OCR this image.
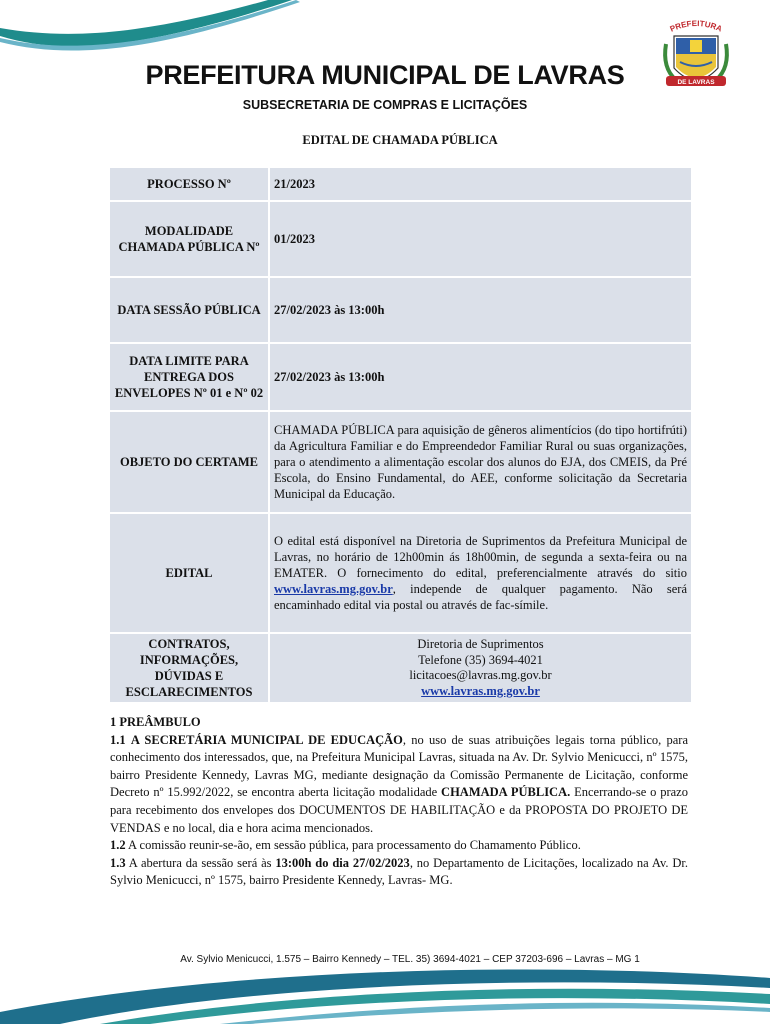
PREFEITURA
DE LAVRAS
PREFEITURA MUNICIPAL DE LAVRAS
SUBSECRETARIA DE COMPRAS E LICITAÇÕES
EDITAL DE CHAMADA PÚBLICA
PROCESSO Nº	21/2023
MODALIDADE CHAMADA PÚBLICA Nº	01/2023
DATA SESSÃO PÚBLICA	27/02/2023 às 13:00h
DATA LIMITE PARA ENTREGA DOS ENVELOPES Nº 01 e Nº 02	27/02/2023 às 13:00h
OBJETO DO CERTAME	CHAMADA PÚBLICA para aquisição de gêneros alimentícios (do tipo hortifrúti) da Agricultura Familiar e do Empreendedor Familiar Rural ou suas organizações, para o atendimento a alimentação escolar dos alunos do EJA, dos CMEIS, da Pré Escola, do Ensino Fundamental, do AEE, conforme solicitação da Secretaria Municipal da Educação.
EDITAL	O edital está disponível na Diretoria de Suprimentos da Prefeitura Municipal de Lavras, no horário de 12h00min ás 18h00min, de segunda a sexta-feira ou na EMATER. O fornecimento do edital, preferencialmente através do sitio www.lavras.mg.gov.br, independe de qualquer pagamento. Não será encaminhado edital via postal ou através de fac-símile.
CONTRATOS, INFORMAÇÕES, DÚVIDAS E ESCLARECIMENTOS	Diretoria de Suprimentos
Telefone (35) 3694-4021
licitacoes@lavras.mg.gov.br
www.lavras.mg.gov.br

1 PREÂMBULO

1.1 A SECRETÁRIA MUNICIPAL DE EDUCAÇÃO, no uso de suas atribuições legais torna público, para conhecimento dos interessados, que, na Prefeitura Municipal Lavras, situada na Av. Dr. Sylvio Menicucci, nº 1575, bairro Presidente Kennedy, Lavras MG, mediante designação da Comissão Permanente de Licitação, conforme Decreto nº 15.992/2022, se encontra aberta licitação modalidade CHAMADA PÚBLICA. Encerrando-se o prazo para recebimento dos envelopes dos DOCUMENTOS DE HABILITAÇÃO e da PROPOSTA DO PROJETO DE VENDAS e no local, dia e hora acima mencionados.

1.2 A comissão reunir-se-ão, em sessão pública, para processamento do Chamamento Público.

1.3 A abertura da sessão será às 13:00h do dia 27/02/2023, no Departamento de Licitações, localizado na Av. Dr. Sylvio Menicucci, nº 1575, bairro Presidente Kennedy, Lavras- MG.

Av. Sylvio Menicucci, 1.575 – Bairro Kennedy – TEL. 35) 3694-4021 – CEP 37203-696 – Lavras – MG 1
